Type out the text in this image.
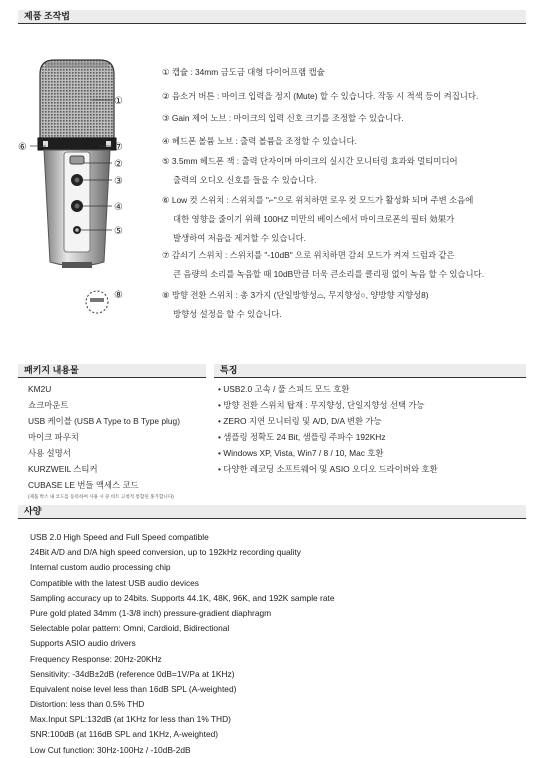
제품 조작법
①
⑥	⑦
②
③
④
⑤
⑧
① 캡슐 : 34mm 금도금 대형 다이어프램 캡슐
② 음소거 버튼 : 마이크 입력을 정지 (Mute) 할 수 있습니다. 작동 시 적색 등이 켜집니다.
③ Gain 제어 노브 : 마이크의 입력 신호 크기를 조정할 수 있습니다.
④ 헤드폰 볼륨 노브 : 출력 볼륨을 조정할 수 있습니다.
⑤ 3.5mm 헤드폰 잭 : 출력 단자이며 마이크의 실시간 모니터링 효과와 멀티미디어
출력의 오디오 신호를 들을 수 있습니다.
⑥ Low 컷 스위치 : 스위치를 "⌐"으로 위치하면 로우 컷 모드가 활성화 되며 주변 소음에
대한 영향을 줄이기 위해 100HZ 미만의 베이스에서 마이크로폰의 필터 効果가
발생하여 저음을 제거할 수 있습니다.
⑦ 감쇠기 스위치 : 스위치를 "-10dB" 으로 위치하면 감쇠 모드가 켜져 드럼과 같은
큰 음량의 소리를 녹음할 때 10dB만큼 더욱 큰소리를 클리핑 없이 녹음 할 수 있습니다.
⑧ 방향 전환 스위치 : 총 3가지 (단일방향성⌓, 무지향성○, 양방향 지향성8)
방향성 설정을 할 수 있습니다.
패키지 내용물	특징
KM2U
쇼크마운트
USB 케이블 (USB A Type to B Type plug)
마이크 파우치
사용 설명서
KURZWEIL 스티커
CUBASE LE 번들 액세스 코드
(제품 박스 내 코드를 등록하여 사용 시 큐 비트 고청적 통합된 홍가합니다)
• USB2.0 고속 / 풀 스피드 모드 호환
• 방향 전환 스위치 탑재 : 무지향성, 단일지향성 선택 가능
• ZERO 지연 모니터링 및 A/D, D/A 변환 가능
• 샘플링 정확도 24 Bit, 샘플링 주파수 192KHz
• Windows XP, Vista, Win7 / 8 / 10, Mac 호환
• 다양한 레코딩 소프트웨어 및 ASIO 오디오 드라이버와 호환
사양
USB 2.0 High Speed and Full Speed compatible
24Bit A/D and D/A high speed conversion, up to 192kHz recording quality
Internal custom audio processing chip
Compatible with the latest USB audio devices
Sampling accuracy up to 24bits. Supports 44.1K, 48K, 96K, and 192K sample rate
Pure gold plated 34mm (1-3/8 inch) pressure-gradient diaphragm
Selectable polar pattern: Omni, Cardioid, Bidirectional
Supports ASIO audio drivers
Frequency Response: 20Hz-20KHz
Sensitivity: -34dB±2dB (reference 0dB=1V/Pa at 1KHz)
Equivalent noise level less than 16dB SPL (A-weighted)
Distortion: less than 0.5% THD
Max.Input SPL:132dB (at 1KHz for less than 1% THD)
SNR:100dB (at 116dB SPL and 1KHz, A-weighted)
Low Cut function: 30Hz-100Hz / -10dB-2dB
